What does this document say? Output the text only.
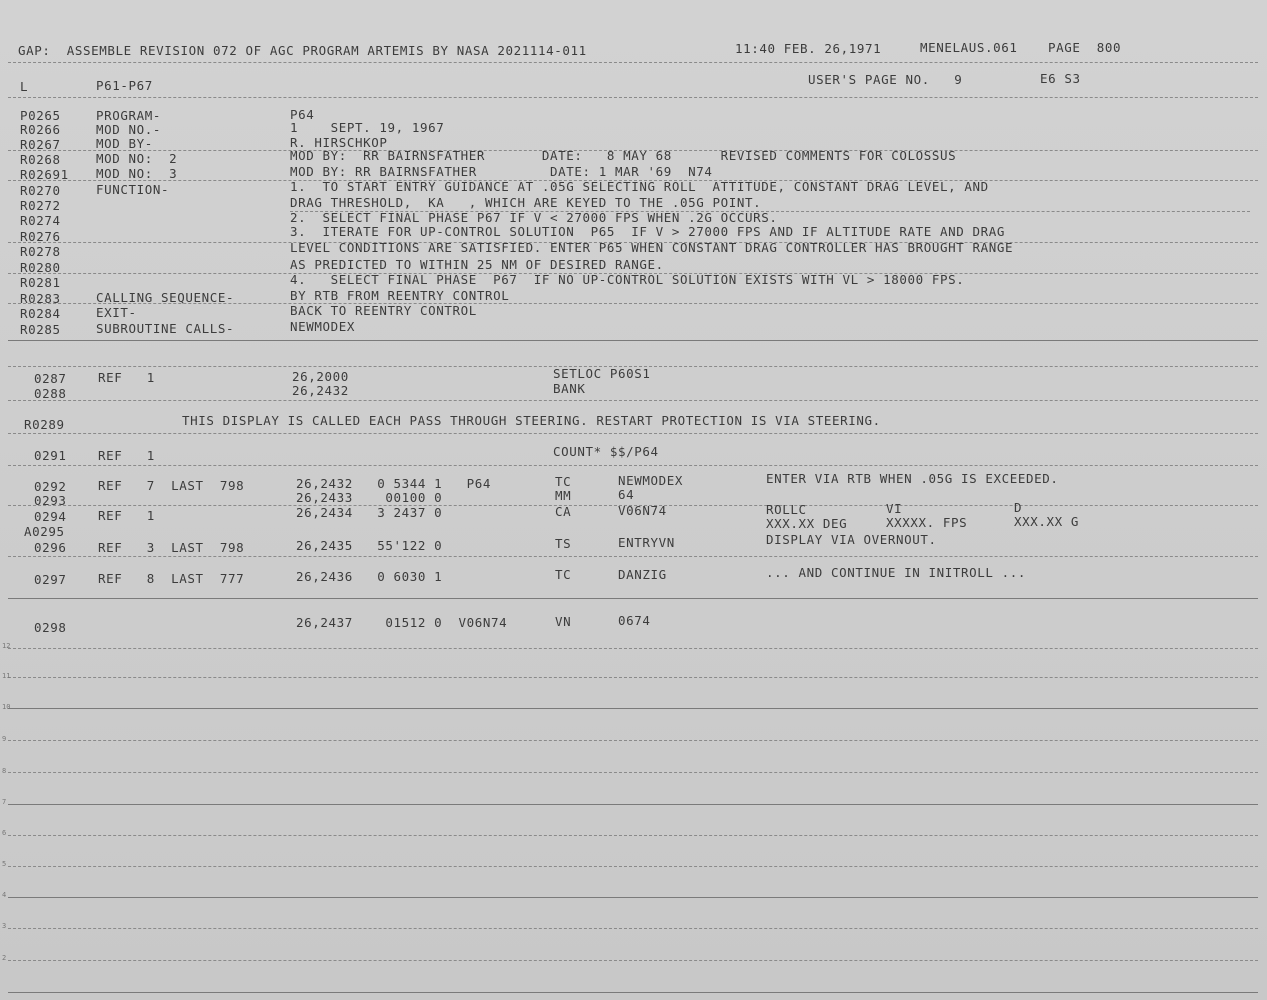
GAP:  ASSEMBLE REVISION 072 OF AGC PROGRAM ARTEMIS BY NASA 2021114-011	11:40 FEB. 26,1971	MENELAUS.061 PAGE  800
L	P61-P67	USER'S PAGE NO.   9	E6 S3
P0265	PROGRAM-	P64
R0266	MOD NO.-	1    SEPT. 19, 1967
R0267	MOD BY-	R. HIRSCHKOP
R0268	MOD NO:  2	MOD BY:  RR BAIRNSFATHER       DATE:   8 MAY 68      REVISED COMMENTS FOR COLOSSUS
R02691 MOD NO:  3	MOD BY: RR BAIRNSFATHER         DATE: 1 MAR '69  N74
R0270	FUNCTION-	1.  TO START ENTRY GUIDANCE AT .05G SELECTING ROLL  ATTITUDE, CONSTANT DRAG LEVEL, AND
R0272	DRAG THRESHOLD,  KA   , WHICH ARE KEYED TO THE .05G POINT.
R0274	2.  SELECT FINAL PHASE P67 IF V < 27000 FPS WHEN .2G OCCURS.
R0276	3.  ITERATE FOR UP-CONTROL SOLUTION  P65  IF V > 27000 FPS AND IF ALTITUDE RATE AND DRAG
R0278	LEVEL CONDITIONS ARE SATISFIED. ENTER P65 WHEN CONSTANT DRAG CONTROLLER HAS BROUGHT RANGE
R0280	AS PREDICTED TO WITHIN 25 NM OF DESIRED RANGE.
R0281	4.   SELECT FINAL PHASE  P67  IF NO UP-CONTROL SOLUTION EXISTS WITH VL > 18000 FPS.
R0283	CALLING SEQUENCE-	BY RTB FROM REENTRY CONTROL
R0284	EXIT-	BACK TO REENTRY CONTROL
R0285	SUBROUTINE CALLS-	NEWMODEX
0287	REF   1	26,2000	SETLOC P60S1
0288	26,2432	BANK
R0289	THIS DISPLAY IS CALLED EACH PASS THROUGH STEERING. RESTART PROTECTION IS VIA STEERING.
0291	REF   1	COUNT* $$/P64
0292	REF   7  LAST  798	26,2432   0 5344 1   P64	TC	NEWMODEX	ENTER VIA RTB WHEN .05G IS EXCEEDED.
0293	26,2433    00100 0	MM	64
0294	REF   1	26,2434   3 2437 0	CA	V06N74	ROLLC	VI	D
A0295
XXX.XX DEG	XXXXX. FPS	XXX.XX G
0296	REF   3  LAST  798	26,2435   55'122 0	TS	ENTRYVN	DISPLAY VIA OVERNOUT.
0297	REF   8  LAST  777	26,2436   0 6030 1	TC	DANZIG	... AND CONTINUE IN INITROLL ...
0298	26,2437    01512 0  V06N74	VN	0674
12
11
10
9
8
7
6
5
4
3
2
